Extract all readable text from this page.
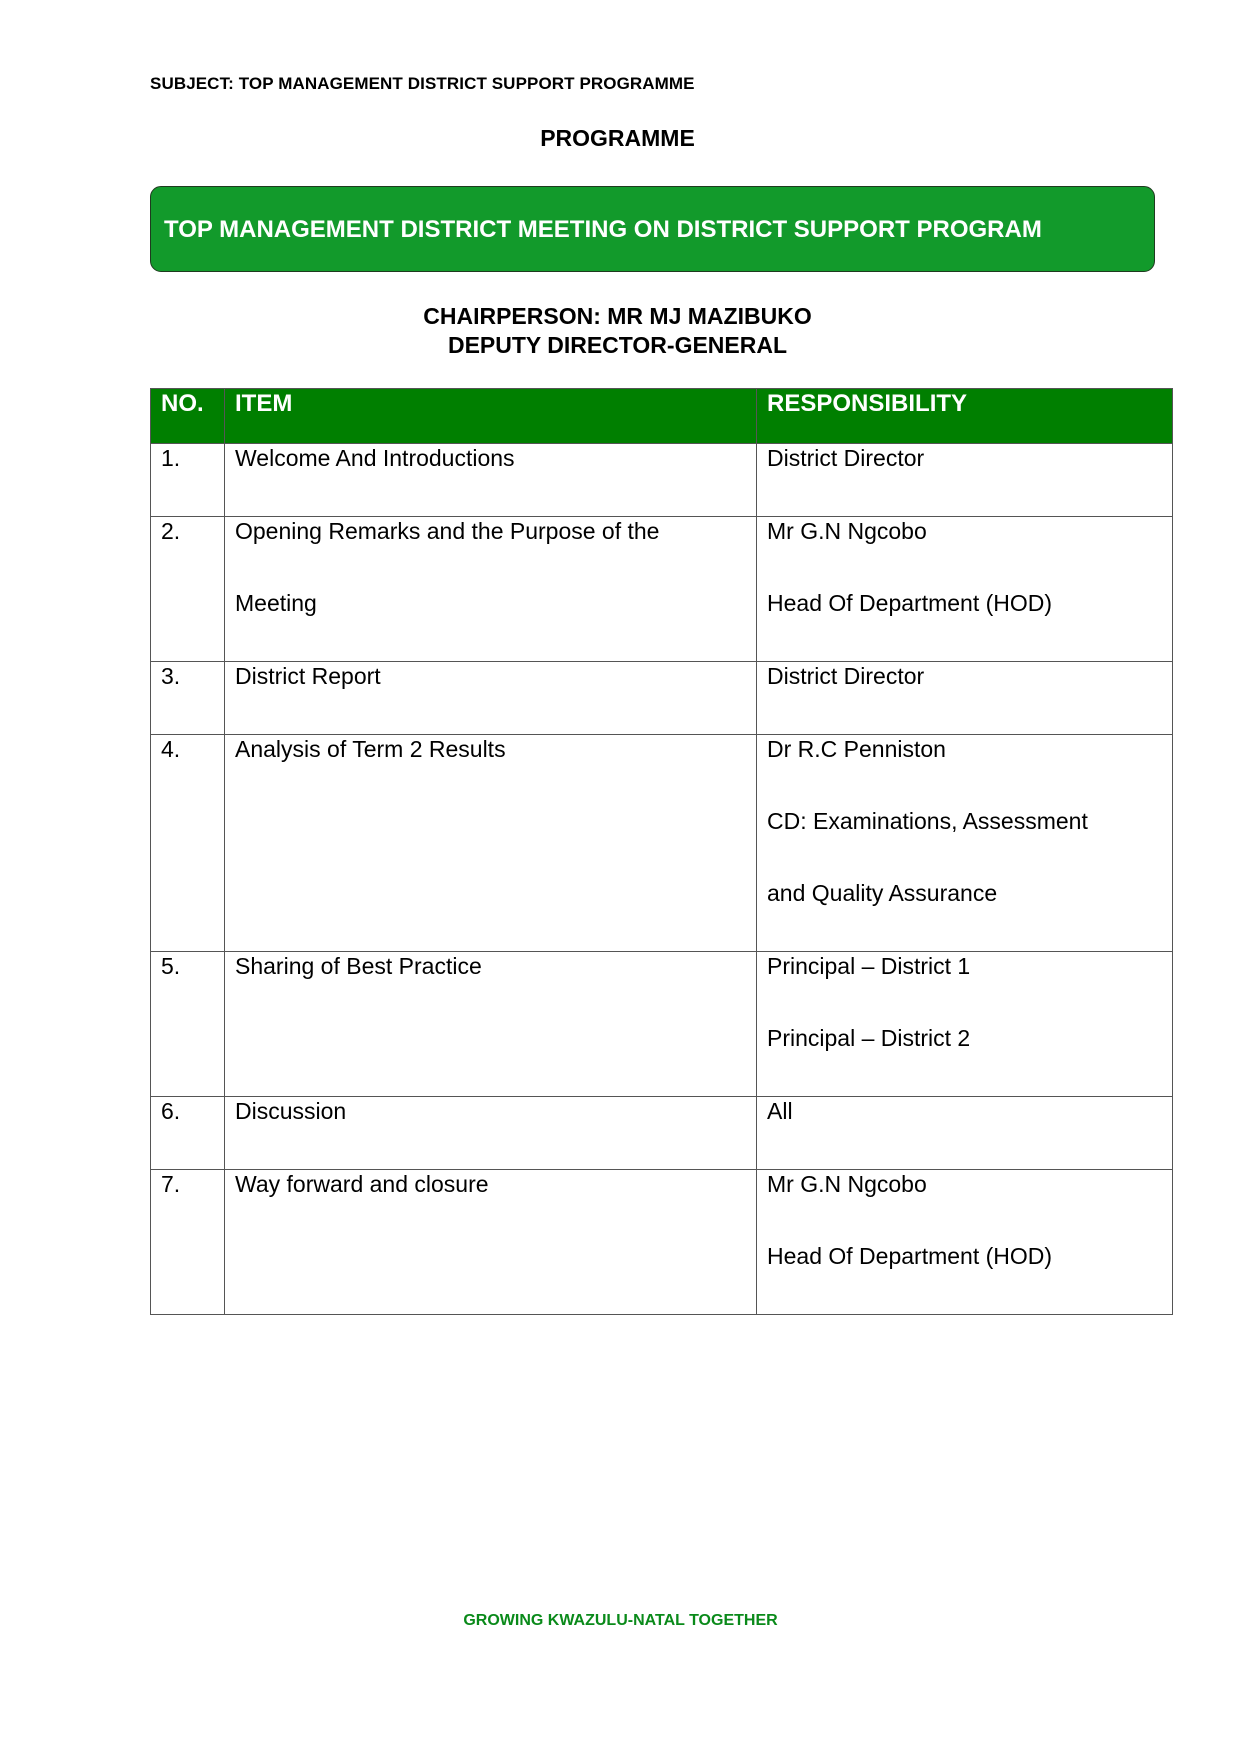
SUBJECT: TOP MANAGEMENT DISTRICT SUPPORT PROGRAMME
PROGRAMME
TOP MANAGEMENT DISTRICT MEETING ON DISTRICT SUPPORT PROGRAM
CHAIRPERSON: MR MJ MAZIBUKO
DEPUTY DIRECTOR-GENERAL
NO.	ITEM	RESPONSIBILITY

1.	Welcome And Introductions	District Director

2.	Opening Remarks and the Purpose of the
Meeting	Mr G.N Ngcobo
Head Of Department (HOD)

3.	District Report	District Director

4.	Analysis of Term 2 Results	Dr R.C Penniston
CD: Examinations, Assessment
and Quality Assurance

5.	Sharing of Best Practice	Principal – District 1
Principal – District 2

6.	Discussion	All

7.	Way forward and closure	Mr G.N Ngcobo
Head Of Department (HOD)
GROWING KWAZULU-NATAL TOGETHER
